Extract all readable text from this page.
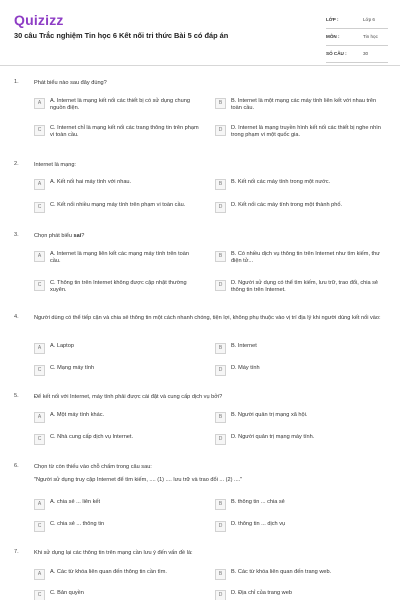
Quizizz
30 câu Trắc nghiệm Tin học 6 Kết nối tri thức Bài 5 có đáp án
LỚP :	Lớp 6
MÔN :	Tin học
SỐ CÂU :	30
1.	Phát biểu nào sau đây đúng?
A	A. Internet là mạng kết nối các thiết bị có sử dụng chung nguồn điện.
B	B. Internet là một mạng các máy tính liên kết với nhau trên toàn cầu.
C	C. Internet chỉ là mạng kết nối các trang thông tin trên phạm vi toàn cầu.
D	D. Internet là mạng truyền hình kết nối các thiết bị nghe nhìn trong phạm vi một quốc gia.
2.	Internet là mạng:
A	A. Kết nối hai máy tính với nhau.	B	B. Kết nối các máy tính trong một nước.
C	C. Kết nối nhiều mạng máy tính trên phạm vi toàn cầu.	D	D. Kết nối các máy tính trong một thành phố.
3.	Chọn phát biểu sai?
A	A. Internet là mạng liên kết các mạng máy tính trên toàn cầu.
B	B. Có nhiều dịch vụ thông tin trên Internet như tìm kiếm, thư điện tử...
C	C. Thông tin trên Internet không được cập nhật thường xuyên.
D	D. Người sử dụng có thể tìm kiếm, lưu trữ, trao đổi, chia sẻ thông tin trên Internet.
4.	Người dùng có thể tiếp cận và chia sẻ thông tin một cách nhanh chóng, tiện lợi, không phụ thuộc vào vị trí địa lý khi người dùng kết nối vào:
A	A. Laptop	B	B. Internet
C	C. Mạng máy tính	D	D. Máy tính
5.	Để kết nối với Internet, máy tính phải được cài đặt và cung cấp dịch vụ bởi?
A	A. Một máy tính khác.	B	B. Người quản trị mạng xã hội.
C	C. Nhà cung cấp dịch vụ Internet.	D	D. Người quản trị mạng máy tính.
6.	Chọn từ còn thiếu vào chỗ chấm trong câu sau:
"Người sử dụng truy cập Internet để tìm kiếm, .... (1) .... lưu trữ và trao đổi ... (2) ...."
A	A. chia sẻ ... liên kết	B	B. thông tin ... chia sẻ
C	C. chia sẻ ... thông tin	D	D. thông tin ... dịch vụ
7.	Khi sử dụng lại các thông tin trên mạng cần lưu ý đến vấn đề là:
A	A. Các từ khóa liên quan đến thông tin cần tìm.	B	B. Các từ khóa liên quan đến trang web.
C	C. Bản quyền	D	D. Địa chỉ của trang web
